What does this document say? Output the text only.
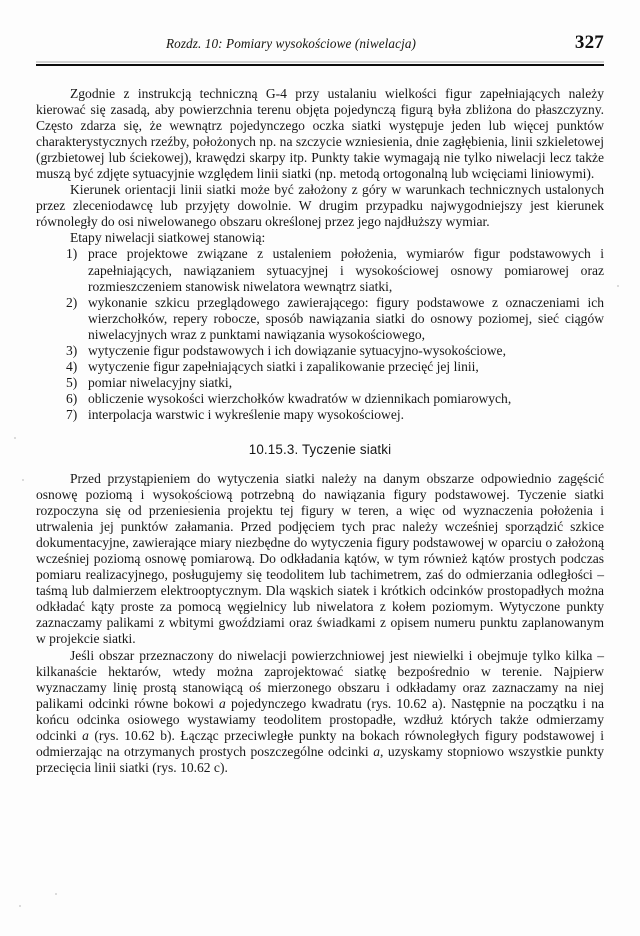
Rozdz. 10: Pomiary wysokościowe (niwelacja)	327

Zgodnie z instrukcją techniczną G-4 przy ustalaniu wielkości figur zapełniających należy kierować się zasadą, aby powierzchnia terenu objęta pojedynczą figurą była zbliżona do płaszczyzny. Często zdarza się, że wewnątrz pojedynczego oczka siatki występuje jeden lub więcej punktów charakterystycznych rzeźby, położonych np. na szczycie wzniesienia, dnie zagłębienia, linii szkieletowej (grzbietowej lub ściekowej), krawędzi skarpy itp. Punkty takie wymagają nie tylko niwelacji lecz także muszą być zdjęte sytuacyjnie względem linii siatki (np. metodą ortogonalną lub wcięciami liniowymi).

Kierunek orientacji linii siatki może być założony z góry w warunkach technicznych ustalonych przez zleceniodawcę lub przyjęty dowolnie. W drugim przypadku najwygodniejszy jest kierunek równoległy do osi niwelowanego obszaru określonej przez jego najdłuższy wymiar.

Etapy niwelacji siatkowej stanowią:

1) prace projektowe związane z ustaleniem położenia, wymiarów figur podstawowych i zapełniających, nawiązaniem sytuacyjnej i wysokościowej osnowy pomiarowej oraz rozmieszczeniem stanowisk niwelatora wewnątrz siatki,
2) wykonanie szkicu przeglądowego zawierającego: figury podstawowe z oznaczeniami ich wierzchołków, repery robocze, sposób nawiązania siatki do osnowy poziomej, sieć ciągów niwelacyjnych wraz z punktami nawiązania wysokościowego,
3) wytyczenie figur podstawowych i ich dowiązanie sytuacyjno-wysokościowe,
4) wytyczenie figur zapełniających siatki i zapalikowanie przecięć jej linii,
5) pomiar niwelacyjny siatki,
6) obliczenie wysokości wierzchołków kwadratów w dziennikach pomiarowych,
7) interpolacja warstwic i wykreślenie mapy wysokościowej.
10.15.3. Tyczenie siatki

Przed przystąpieniem do wytyczenia siatki należy na danym obszarze odpowiednio zagęścić osnowę poziomą i wysokościową potrzebną do nawiązania figury podstawowej. Tyczenie siatki rozpoczyna się od przeniesienia projektu tej figury w teren, a więc od wyznaczenia położenia i utrwalenia jej punktów załamania. Przed podjęciem tych prac należy wcześniej sporządzić szkice dokumentacyjne, zawierające miary niezbędne do wytyczenia figury podstawowej w oparciu o założoną wcześniej poziomą osnowę pomiarową. Do odkładania kątów, w tym również kątów prostych podczas pomiaru realizacyjnego, posługujemy się teodolitem lub tachimetrem, zaś do odmierzania odległości – taśmą lub dalmierzem elektrooptycznym. Dla wąskich siatek i krótkich odcinków prostopadłych można odkładać kąty proste za pomocą węgielnicy lub niwelatora z kołem poziomym. Wytyczone punkty zaznaczamy palikami z wbitymi gwoździami oraz świadkami z opisem numeru punktu zaplanowanym w projekcie siatki.

Jeśli obszar przeznaczony do niwelacji powierzchniowej jest niewielki i obejmuje tylko kilka – kilkanaście hektarów, wtedy można zaprojektować siatkę bezpośrednio w terenie. Najpierw wyznaczamy linię prostą stanowiącą oś mierzonego obszaru i odkładamy oraz zaznaczamy na niej palikami odcinki równe bokowi a pojedynczego kwadratu (rys. 10.62 a). Następnie na początku i na końcu odcinka osiowego wystawiamy teodolitem prostopadłe, wzdłuż których także odmierzamy odcinki a (rys. 10.62 b). Łącząc przeciwległe punkty na bokach równoległych figury podstawowej i odmierzając na otrzymanych prostych poszczególne odcinki a, uzyskamy stopniowo wszystkie punkty przecięcia linii siatki (rys. 10.62 c).
